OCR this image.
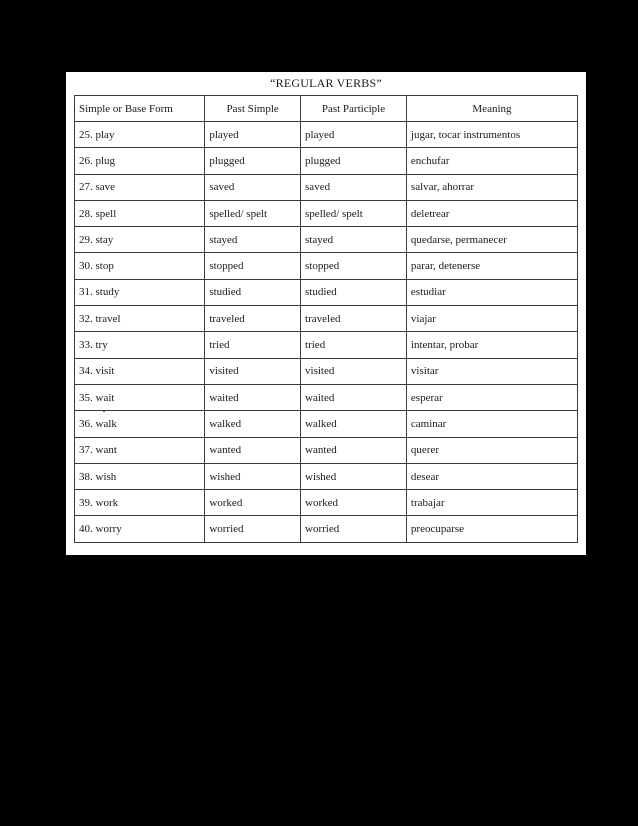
“REGULAR VERBS”
Simple or Base Form	Past Simple	Past Participle	Meaning
25. play	played	played	jugar, tocar instrumentos
26. plug	plugged	plugged	enchufar
27. save	saved	saved	salvar, ahorrar
28. spell	spelled/ spelt	spelled/ spelt	deletrear
29. stay	stayed	stayed	quedarse, permanecer
30. stop	stopped	stopped	parar, detenerse
31. study	studied	studied	estudiar
32. travel	traveled	traveled	viajar
33. try	tried	tried	intentar, probar
34. visit	visited	visited	visitar
35. wait	waited	waited	esperar
36. walk	walked	walked	caminar
37. want	wanted	wanted	querer
38. wish	wished	wished	desear
39. work	worked	worked	trabajar
40. worry	worried	worried	preocuparse
